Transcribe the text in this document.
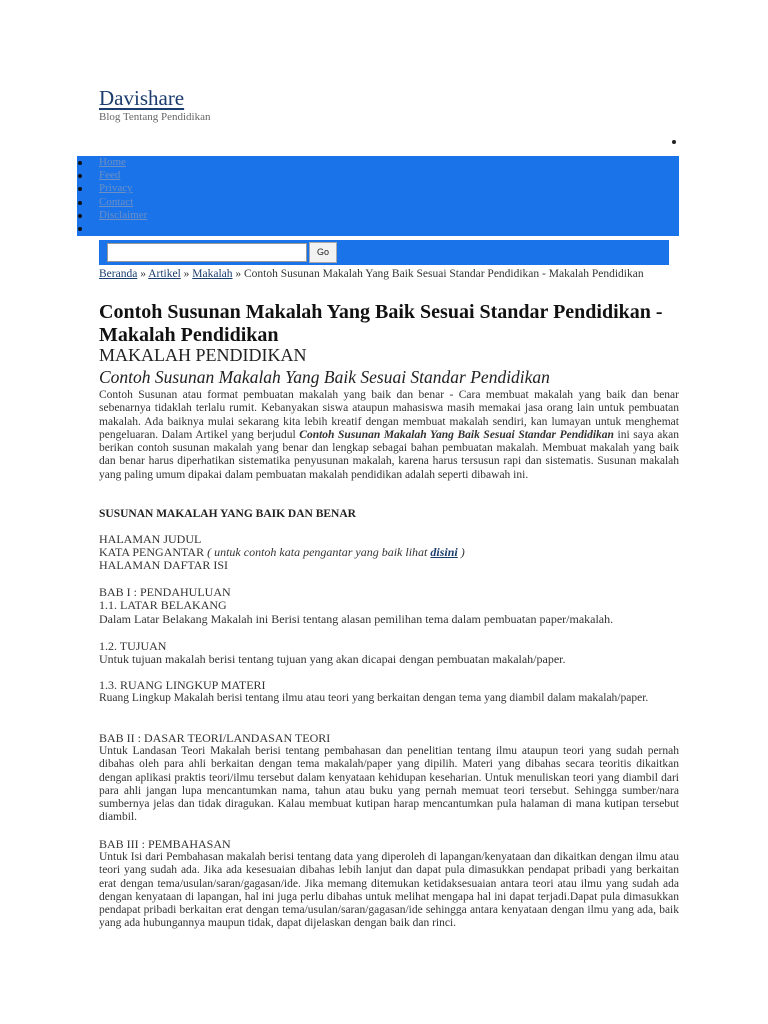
Davishare
Blog Tentang Pendidikan
Home
Feed
Privacy
Contact
Disclaimer
Go
Beranda » Artikel » Makalah » Contoh Susunan Makalah Yang Baik Sesuai Standar Pendidikan - Makalah Pendidikan
Contoh Susunan Makalah Yang Baik Sesuai Standar Pendidikan - Makalah Pendidikan
MAKALAH PENDIDIKAN
Contoh Susunan Makalah Yang Baik Sesuai Standar Pendidikan
Contoh Susunan atau format pembuatan makalah yang baik dan benar - Cara membuat makalah yang baik dan benar sebenarnya tidaklah terlalu rumit. Kebanyakan siswa ataupun mahasiswa masih memakai jasa orang lain untuk pembuatan makalah. Ada baiknya mulai sekarang kita lebih kreatif dengan membuat makalah sendiri, kan lumayan untuk menghemat pengeluaran. Dalam Artikel yang berjudul Contoh Susunan Makalah Yang Baik Sesuai Standar Pendidikan ini saya akan berikan contoh susunan makalah yang benar dan lengkap sebagai bahan pembuatan makalah. Membuat makalah yang baik dan benar harus diperhatikan sistematika penyusunan makalah, karena harus tersusun rapi dan sistematis. Susunan makalah yang paling umum dipakai dalam pembuatan makalah pendidikan adalah seperti dibawah ini.
SUSUNAN MAKALAH YANG BAIK DAN BENAR
HALAMAN JUDUL
KATA PENGANTAR ( untuk contoh kata pengantar yang baik lihat disini )
HALAMAN DAFTAR ISI
BAB I : PENDAHULUAN
1.1. LATAR BELAKANG
Dalam Latar Belakang Makalah ini Berisi tentang alasan pemilihan tema dalam pembuatan paper/makalah.
1.2. TUJUAN
Untuk tujuan makalah berisi tentang tujuan yang akan dicapai dengan pembuatan makalah/paper.
1.3. RUANG LINGKUP MATERI
Ruang Lingkup Makalah berisi tentang ilmu atau teori yang berkaitan dengan tema yang diambil dalam makalah/paper.
BAB II : DASAR TEORI/LANDASAN TEORI
Untuk Landasan Teori Makalah berisi tentang pembahasan dan penelitian tentang ilmu ataupun teori yang sudah pernah dibahas oleh para ahli berkaitan dengan tema makalah/paper yang dipilih. Materi yang dibahas secara teoritis dikaitkan dengan aplikasi praktis teori/ilmu tersebut dalam kenyataan kehidupan keseharian. Untuk menuliskan teori yang diambil dari para ahli jangan lupa mencantumkan nama, tahun atau buku yang pernah memuat teori tersebut. Sehingga sumber/nara sumbernya jelas dan tidak diragukan. Kalau membuat kutipan harap mencantumkan pula halaman di mana kutipan tersebut diambil.
BAB III : PEMBAHASAN
Untuk Isi dari Pembahasan makalah berisi tentang data yang diperoleh di lapangan/kenyataan dan dikaitkan dengan ilmu atau teori yang sudah ada. Jika ada kesesuaian dibahas lebih lanjut dan dapat pula dimasukkan pendapat pribadi yang berkaitan erat dengan tema/usulan/saran/gagasan/ide. Jika memang ditemukan ketidaksesuaian antara teori atau ilmu yang sudah ada dengan kenyataan di lapangan, hal ini juga perlu dibahas untuk melihat mengapa hal ini dapat terjadi.Dapat pula dimasukkan pendapat pribadi berkaitan erat dengan tema/usulan/saran/gagasan/ide sehingga antara kenyataan dengan ilmu yang ada, baik yang ada hubungannya maupun tidak, dapat dijelaskan dengan baik dan rinci.
